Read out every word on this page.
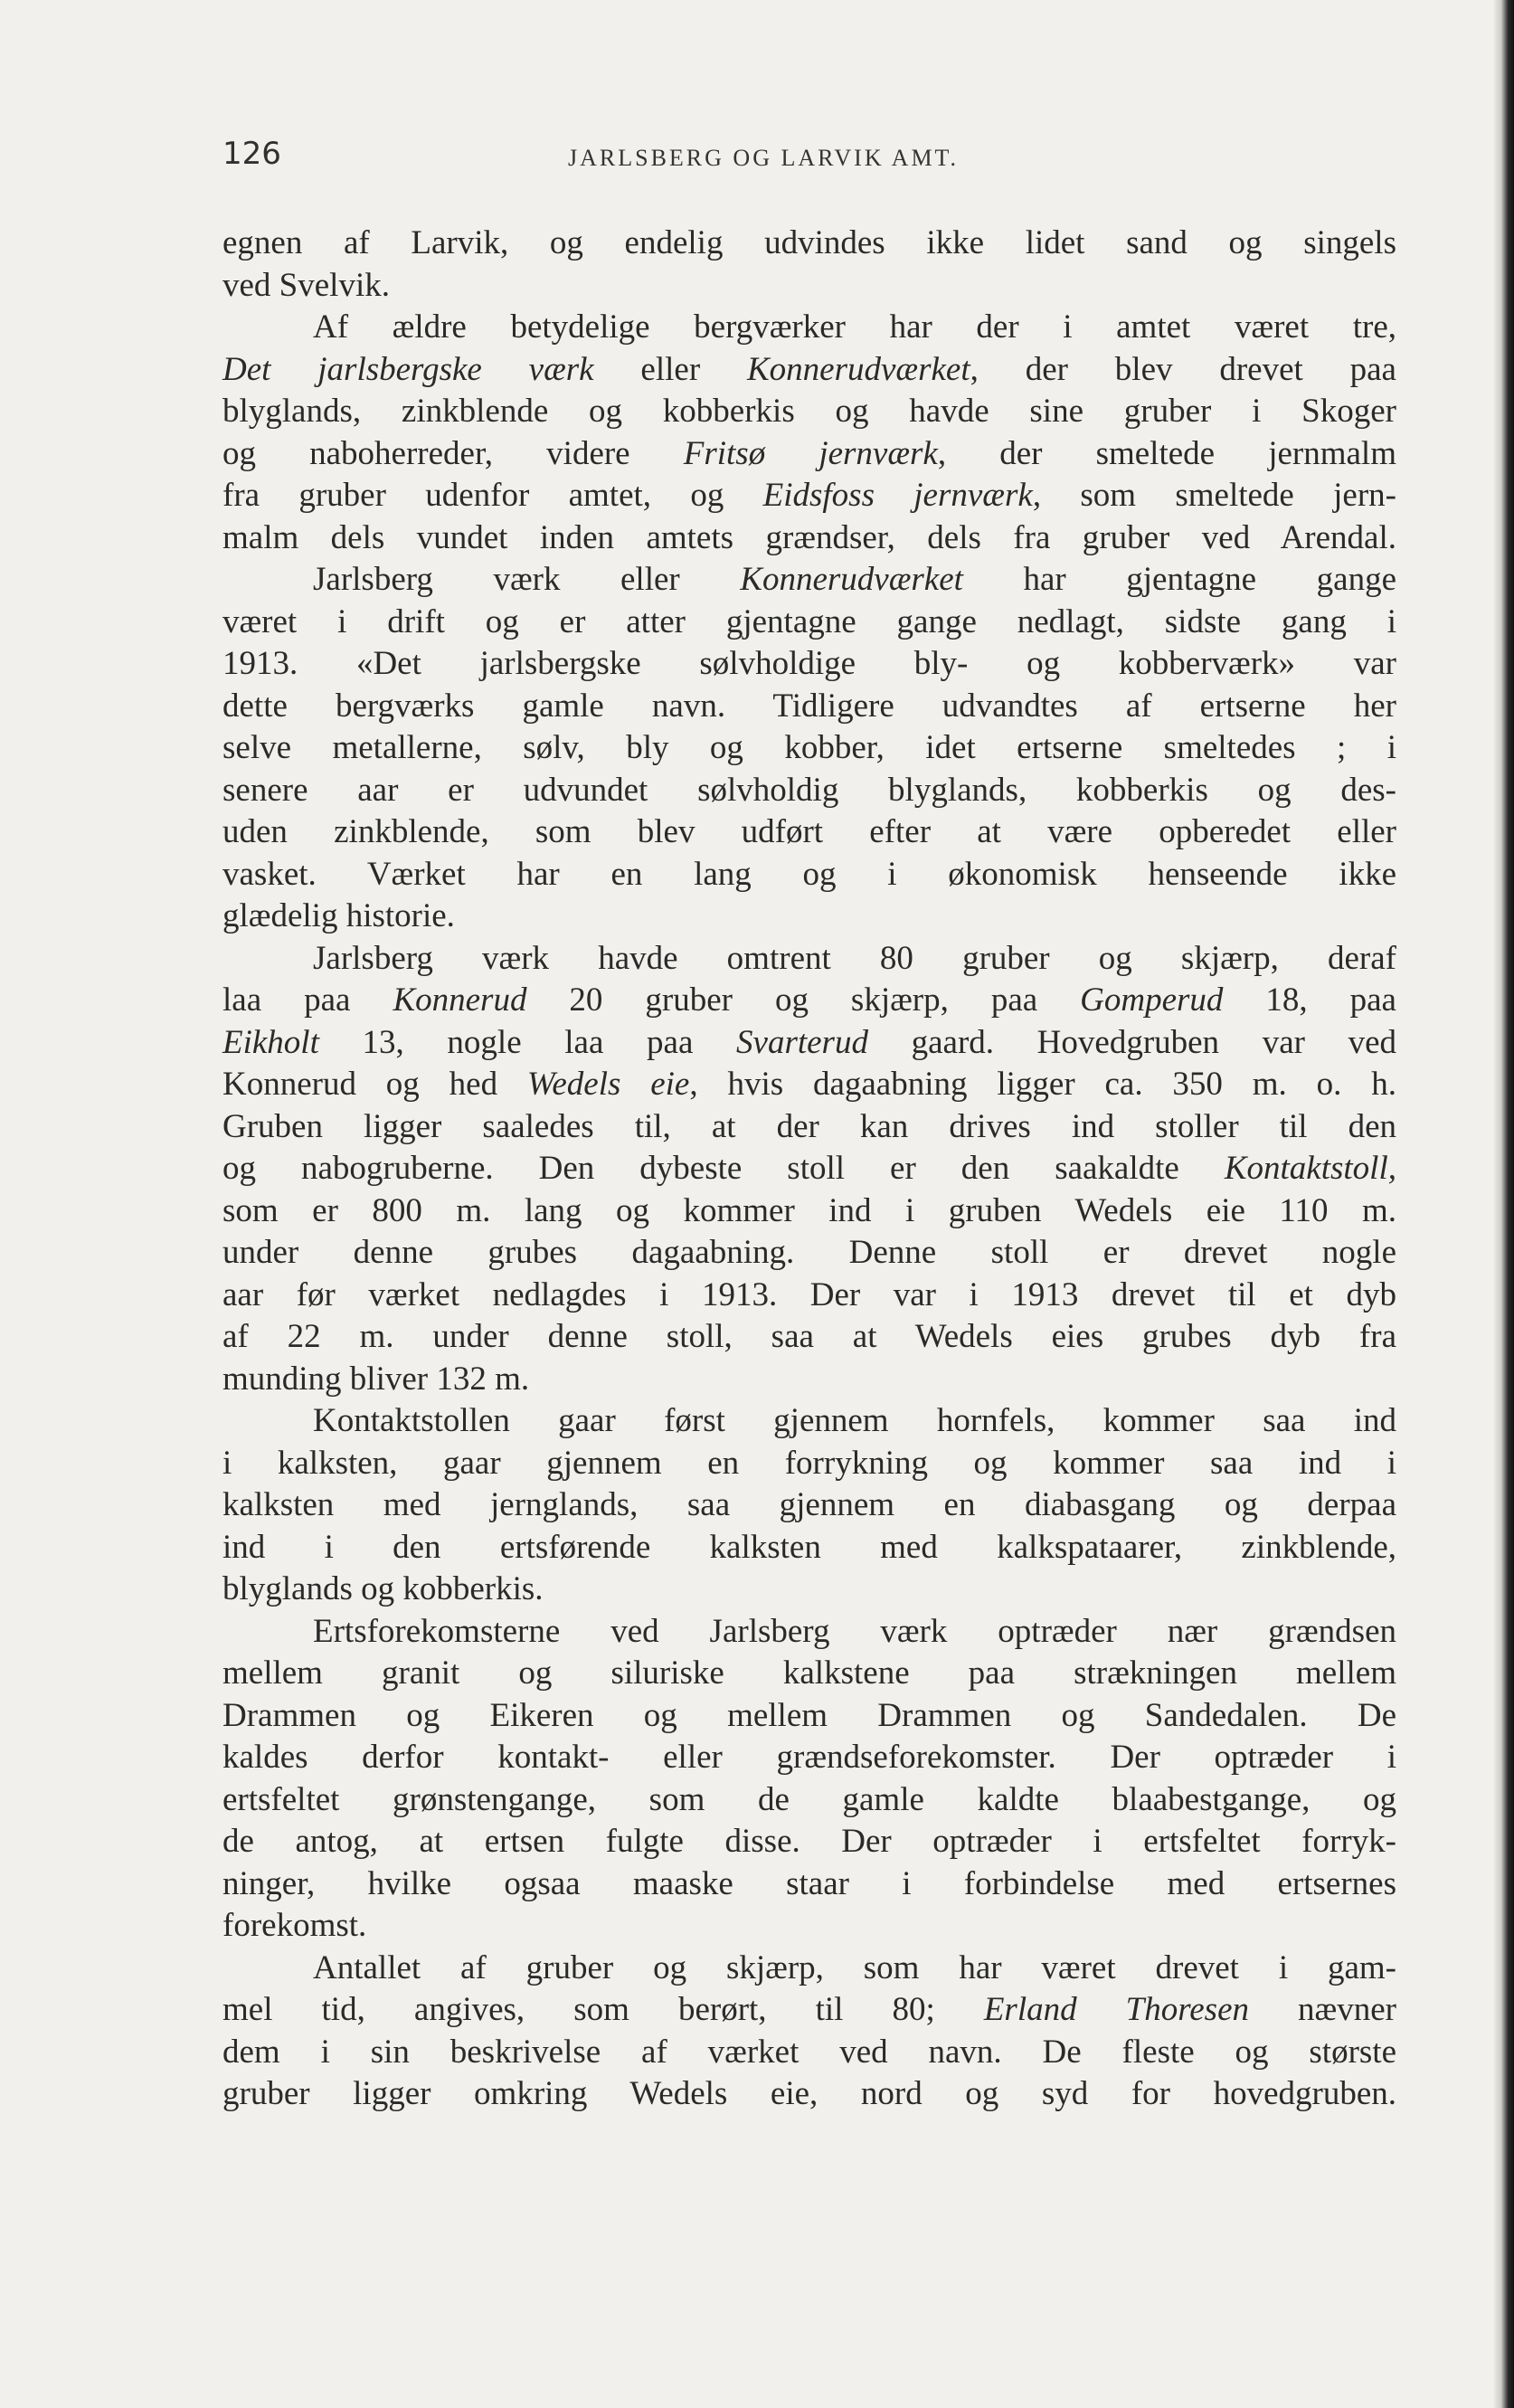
126	JARLSBERG OG LARVIK AMT.
egnen af Larvik, og endelig udvindes ikke lidet sand og singels
ved Svelvik.
Af ældre betydelige bergværker har der i amtet været tre,
Det jarlsbergske værk eller Konnerudværket, der blev drevet paa
blyglands, zinkblende og kobberkis og havde sine gruber i Skoger
og naboherreder, videre Fritsø jernværk, der smeltede jernmalm
fra gruber udenfor amtet, og Eidsfoss jernværk, som smeltede jern-
malm dels vundet inden amtets grændser, dels fra gruber ved Arendal.
Jarlsberg værk eller Konnerudværket har gjentagne gange
været i drift og er atter gjentagne gange nedlagt, sidste gang i
1913. «Det jarlsbergske sølvholdige bly- og kobberværk» var
dette bergværks gamle navn. Tidligere udvandtes af ertserne her
selve metallerne, sølv, bly og kobber, idet ertserne smeltedes ; i
senere aar er udvundet sølvholdig blyglands, kobberkis og des-
uden zinkblende, som blev udført efter at være opberedet eller
vasket. Værket har en lang og i økonomisk henseende ikke
glædelig historie.
Jarlsberg værk havde omtrent 80 gruber og skjærp, deraf
laa paa Konnerud 20 gruber og skjærp, paa Gomperud 18, paa
Eikholt 13, nogle laa paa Svarterud gaard. Hovedgruben var ved
Konnerud og hed Wedels eie, hvis dagaabning ligger ca. 350 m. o. h.
Gruben ligger saaledes til, at der kan drives ind stoller til den
og nabogruberne. Den dybeste stoll er den saakaldte Kontaktstoll,
som er 800 m. lang og kommer ind i gruben Wedels eie 110 m.
under denne grubes dagaabning. Denne stoll er drevet nogle
aar før værket nedlagdes i 1913. Der var i 1913 drevet til et dyb
af 22 m. under denne stoll, saa at Wedels eies grubes dyb fra
munding bliver 132 m.
Kontaktstollen gaar først gjennem hornfels, kommer saa ind
i kalksten, gaar gjennem en forrykning og kommer saa ind i
kalksten med jernglands, saa gjennem en diabasgang og derpaa
ind i den ertsførende kalksten med kalkspataarer, zinkblende,
blyglands og kobberkis.
Ertsforekomsterne ved Jarlsberg værk optræder nær grændsen
mellem granit og siluriske kalkstene paa strækningen mellem
Drammen og Eikeren og mellem Drammen og Sandedalen. De
kaldes derfor kontakt- eller grændseforekomster. Der optræder i
ertsfeltet grønstengange, som de gamle kaldte blaabestgange, og
de antog, at ertsen fulgte disse. Der optræder i ertsfeltet forryk-
ninger, hvilke ogsaa maaske staar i forbindelse med ertsernes
forekomst.
Antallet af gruber og skjærp, som har været drevet i gam-
mel tid, angives, som berørt, til 80; Erland Thoresen nævner
dem i sin beskrivelse af værket ved navn. De fleste og største
gruber ligger omkring Wedels eie, nord og syd for hovedgruben.
